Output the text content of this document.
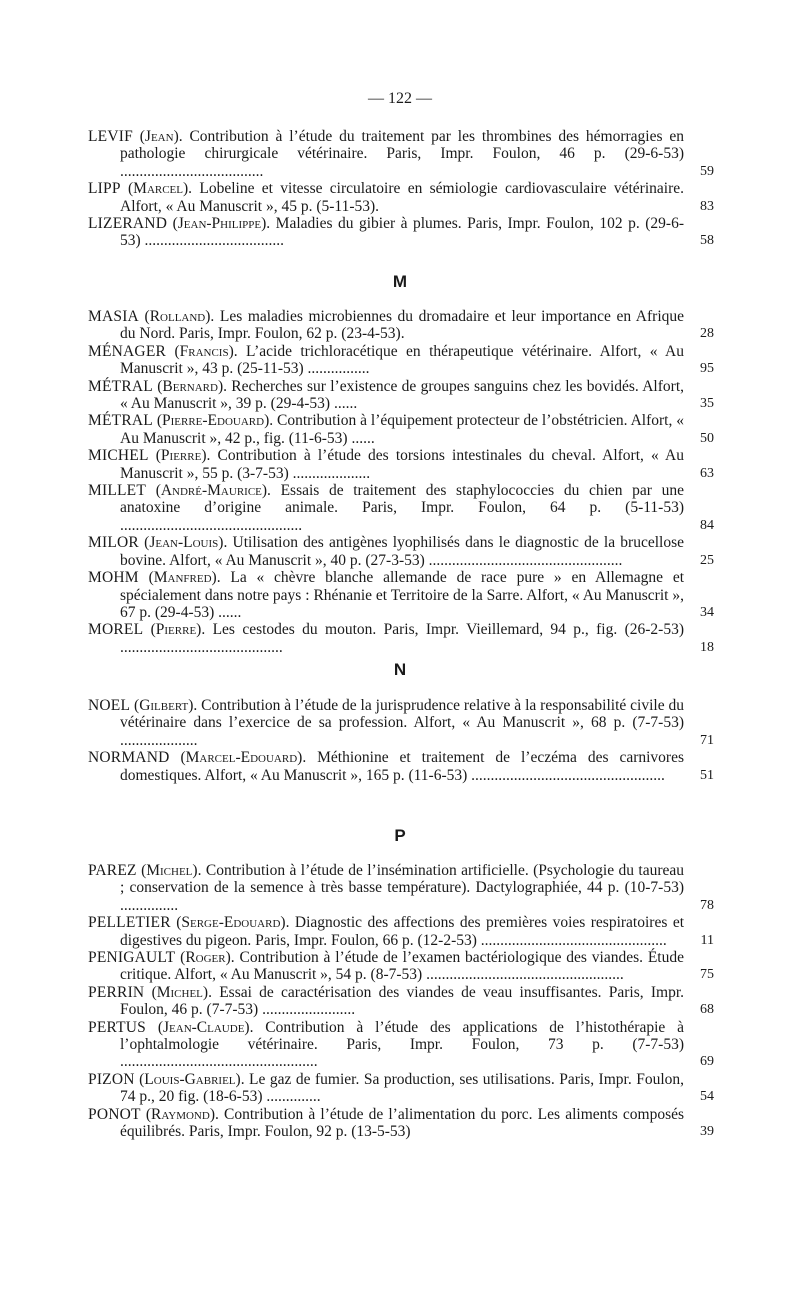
— 122 —

LEVIF (Jean). Contribution à l’étude du traitement par les thrombines des hémorragies en pathologie chirurgicale vétérinaire. Paris, Impr. Foulon, 46 p. (29-6-53) .....................................	59

LIPP (Marcel). Lobeline et vitesse circulatoire en sémiologie cardiovasculaire vétérinaire. Alfort, « Au Manuscrit », 45 p. (5-11-53).	83

LIZERAND (Jean-Philippe). Maladies du gibier à plumes. Paris, Impr. Foulon, 102 p. (29-6-53) ....................................	58

M

MASIA (Rolland). Les maladies microbiennes du dromadaire et leur importance en Afrique du Nord. Paris, Impr. Foulon, 62 p. (23-4-53).	28

MÉNAGER (Francis). L’acide trichloracétique en thérapeutique vétérinaire. Alfort, « Au Manuscrit », 43 p. (25-11-53) ................	95

MÉTRAL (Bernard). Recherches sur l’existence de groupes sanguins chez les bovidés. Alfort, « Au Manuscrit », 39 p. (29-4-53) ......	35

MÉTRAL (Pierre-Edouard). Contribution à l’équipement protecteur de l’obstétricien. Alfort, « Au Manuscrit », 42 p., fig. (11-6-53) ......	50

MICHEL (Pierre). Contribution à l’étude des torsions intestinales du cheval. Alfort, « Au Manuscrit », 55 p. (3-7-53) ....................	63

MILLET (André-Maurice). Essais de traitement des staphylococcies du chien par une anatoxine d’origine animale. Paris, Impr. Foulon, 64 p. (5-11-53) ...............................................	84

MILOR (Jean-Louis). Utilisation des antigènes lyophilisés dans le diagnostic de la brucellose bovine. Alfort, « Au Manuscrit », 40 p. (27-3-53) ..................................................	25

MOHM (Manfred). La « chèvre blanche allemande de race pure » en Allemagne et spécialement dans notre pays : Rhénanie et Territoire de la Sarre. Alfort, « Au Manuscrit », 67 p. (29-4-53) ......	34

MOREL (Pierre). Les cestodes du mouton. Paris, Impr. Vieillemard, 94 p., fig. (26-2-53) ..........................................	18

N

NOEL (Gilbert). Contribution à l’étude de la jurisprudence relative à la responsabilité civile du vétérinaire dans l’exercice de sa profession. Alfort, « Au Manuscrit », 68 p. (7-7-53) ....................	71

NORMAND (Marcel-Edouard). Méthionine et traitement de l’eczéma des carnivores domestiques. Alfort, « Au Manuscrit », 165 p. (11-6-53) ..................................................	51

P

PAREZ (Michel). Contribution à l’étude de l’insémination artificielle. (Psychologie du taureau ; conservation de la semence à très basse température). Dactylographiée, 44 p. (10-7-53) ...............	78

PELLETIER (Serge-Edouard). Diagnostic des affections des premières voies respiratoires et digestives du pigeon. Paris, Impr. Foulon, 66 p. (12-2-53) ................................................	11

PENIGAULT (Roger). Contribution à l’étude de l’examen bactériologique des viandes. Étude critique. Alfort, « Au Manuscrit », 54 p. (8-7-53) ...................................................	75

PERRIN (Michel). Essai de caractérisation des viandes de veau insuffisantes. Paris, Impr. Foulon, 46 p. (7-7-53) ........................	68

PERTUS (Jean-Claude). Contribution à l’étude des applications de l’histothérapie à l’ophtalmologie vétérinaire. Paris, Impr. Foulon, 73 p. (7-7-53) ...................................................	69

PIZON (Louis-Gabriel). Le gaz de fumier. Sa production, ses utilisations. Paris, Impr. Foulon, 74 p., 20 fig. (18-6-53) ..............	54

PONOT (Raymond). Contribution à l’étude de l’alimentation du porc. Les aliments composés équilibrés. Paris, Impr. Foulon, 92 p. (13-5-53)	39
